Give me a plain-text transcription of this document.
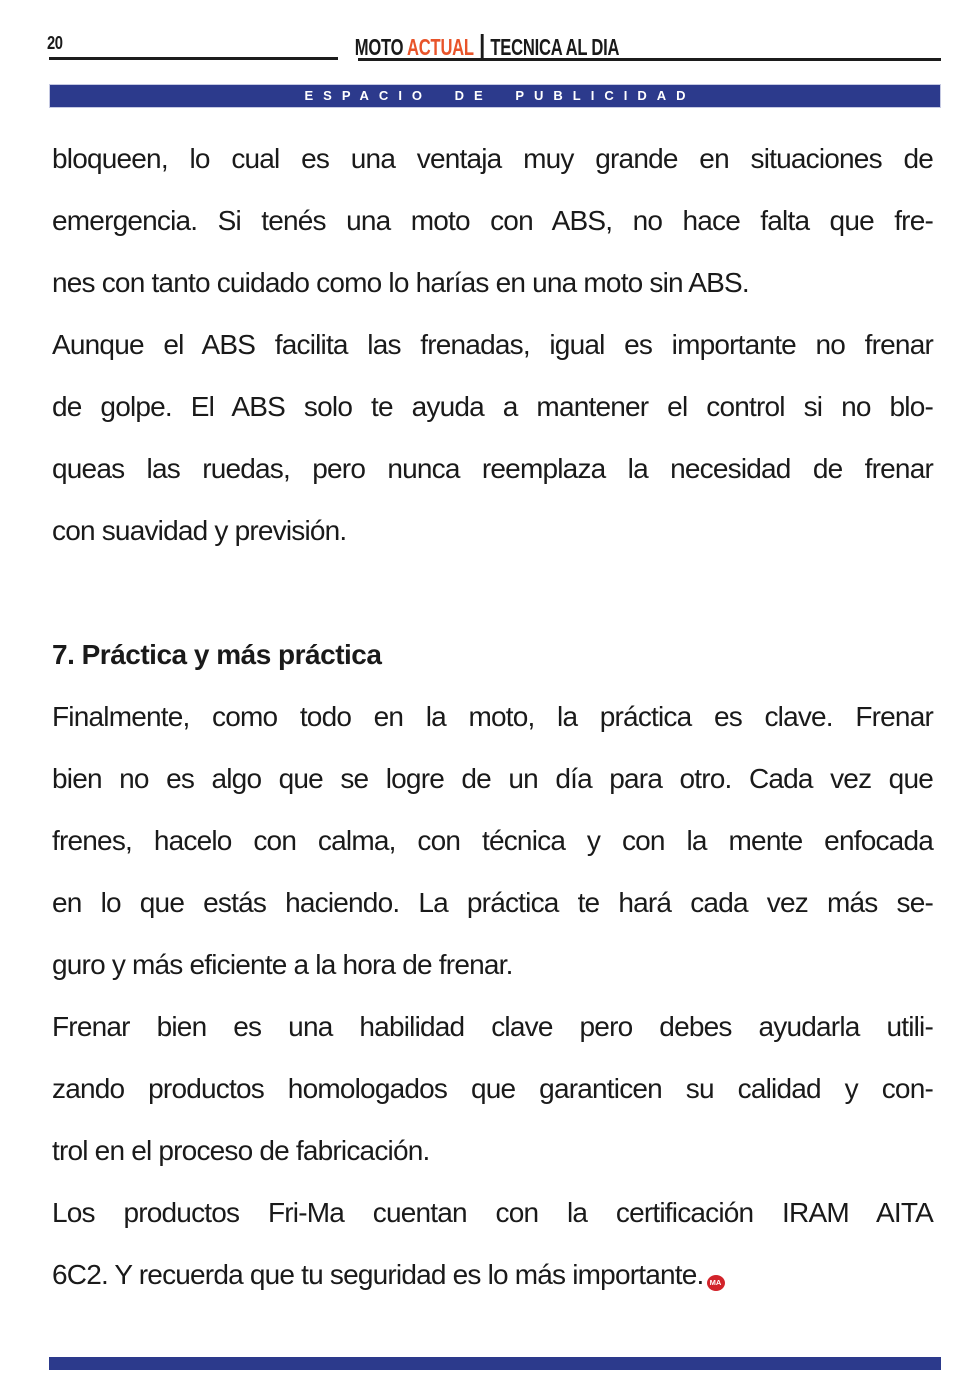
20	MOTO ACTUAL TECNICA AL DIA
ESPACIO DE PUBLICIDAD
bloqueen, lo cual es una ventaja muy grande en situaciones de
emergencia. Si tenés una moto con ABS, no hace falta que fre-
nes con tanto cuidado como lo harías en una moto sin ABS.
Aunque el ABS facilita las frenadas, igual es importante no frenar
de golpe. El ABS solo te ayuda a mantener el control si no blo-
queas las ruedas, pero nunca reemplaza la necesidad de frenar
con suavidad y previsión.
7. Práctica y más práctica
Finalmente, como todo en la moto, la práctica es clave. Frenar
bien no es algo que se logre de un día para otro. Cada vez que
frenes, hacelo con calma, con técnica y con la mente enfocada
en lo que estás haciendo. La práctica te hará cada vez más se-
guro y más eficiente a la hora de frenar.
Frenar bien es una habilidad clave pero debes ayudarla utili-
zando productos homologados que garanticen su calidad y con-
trol en el proceso de fabricación.
Los productos Fri-Ma cuentan con la certificación IRAM AITA
6C2. Y recuerda que tu seguridad es lo más importante. MA
